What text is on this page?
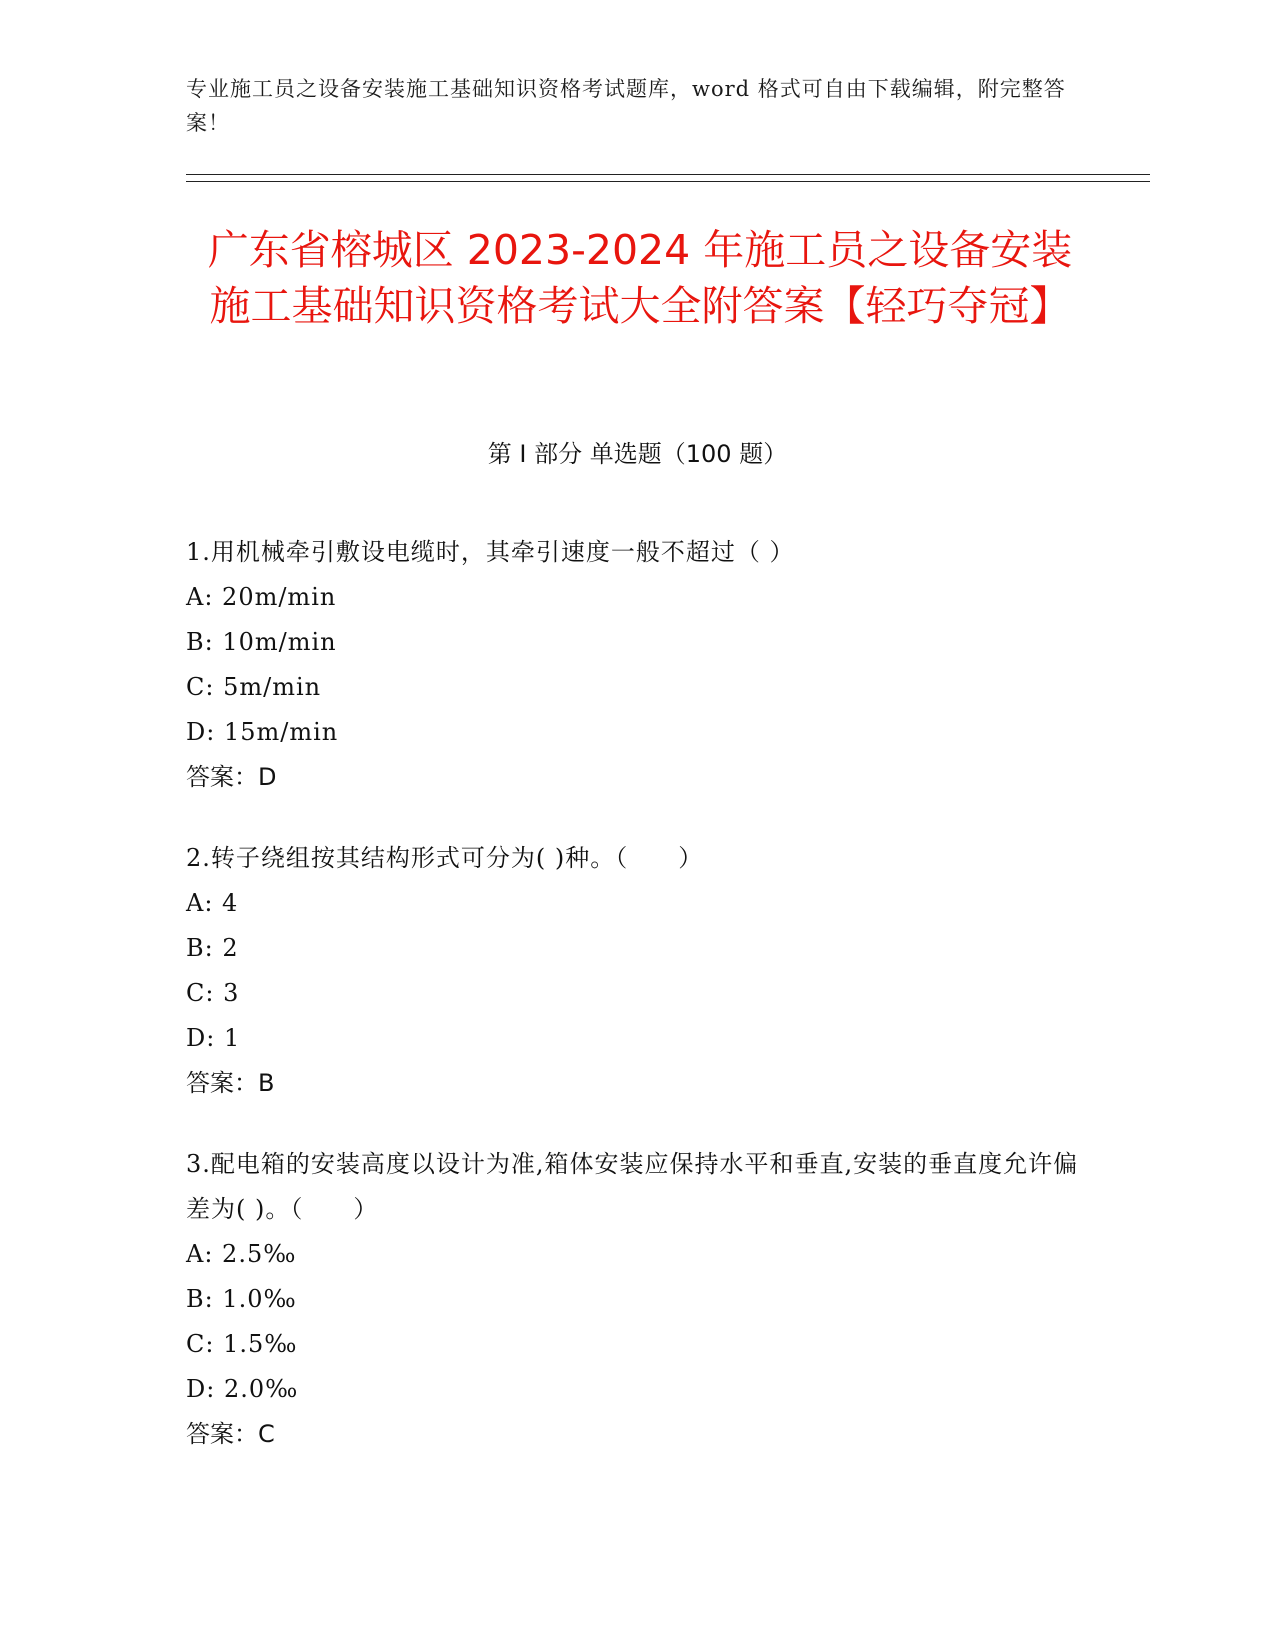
专业施工员之设备安装施工基础知识资格考试题库，word 格式可自由下载编辑，附完整答案！
广东省榕城区 2023-2024 年施工员之设备安装施工基础知识资格考试大全附答案【轻巧夺冠】
第 I 部分 单选题（100 题）
1.用机械牵引敷设电缆时，其牵引速度一般不超过（ ）
A: 20m/min
B: 10m/min
C: 5m/min
D: 15m/min
答案：D
2.转子绕组按其结构形式可分为( )种。（　　）
A: 4
B: 2
C: 3
D: 1
答案：B
3.配电箱的安装高度以设计为准,箱体安装应保持水平和垂直,安装的垂直度允许偏差为( )。（　　）
A: 2.5‰
B: 1.0‰
C: 1.5‰
D: 2.0‰
答案：C
